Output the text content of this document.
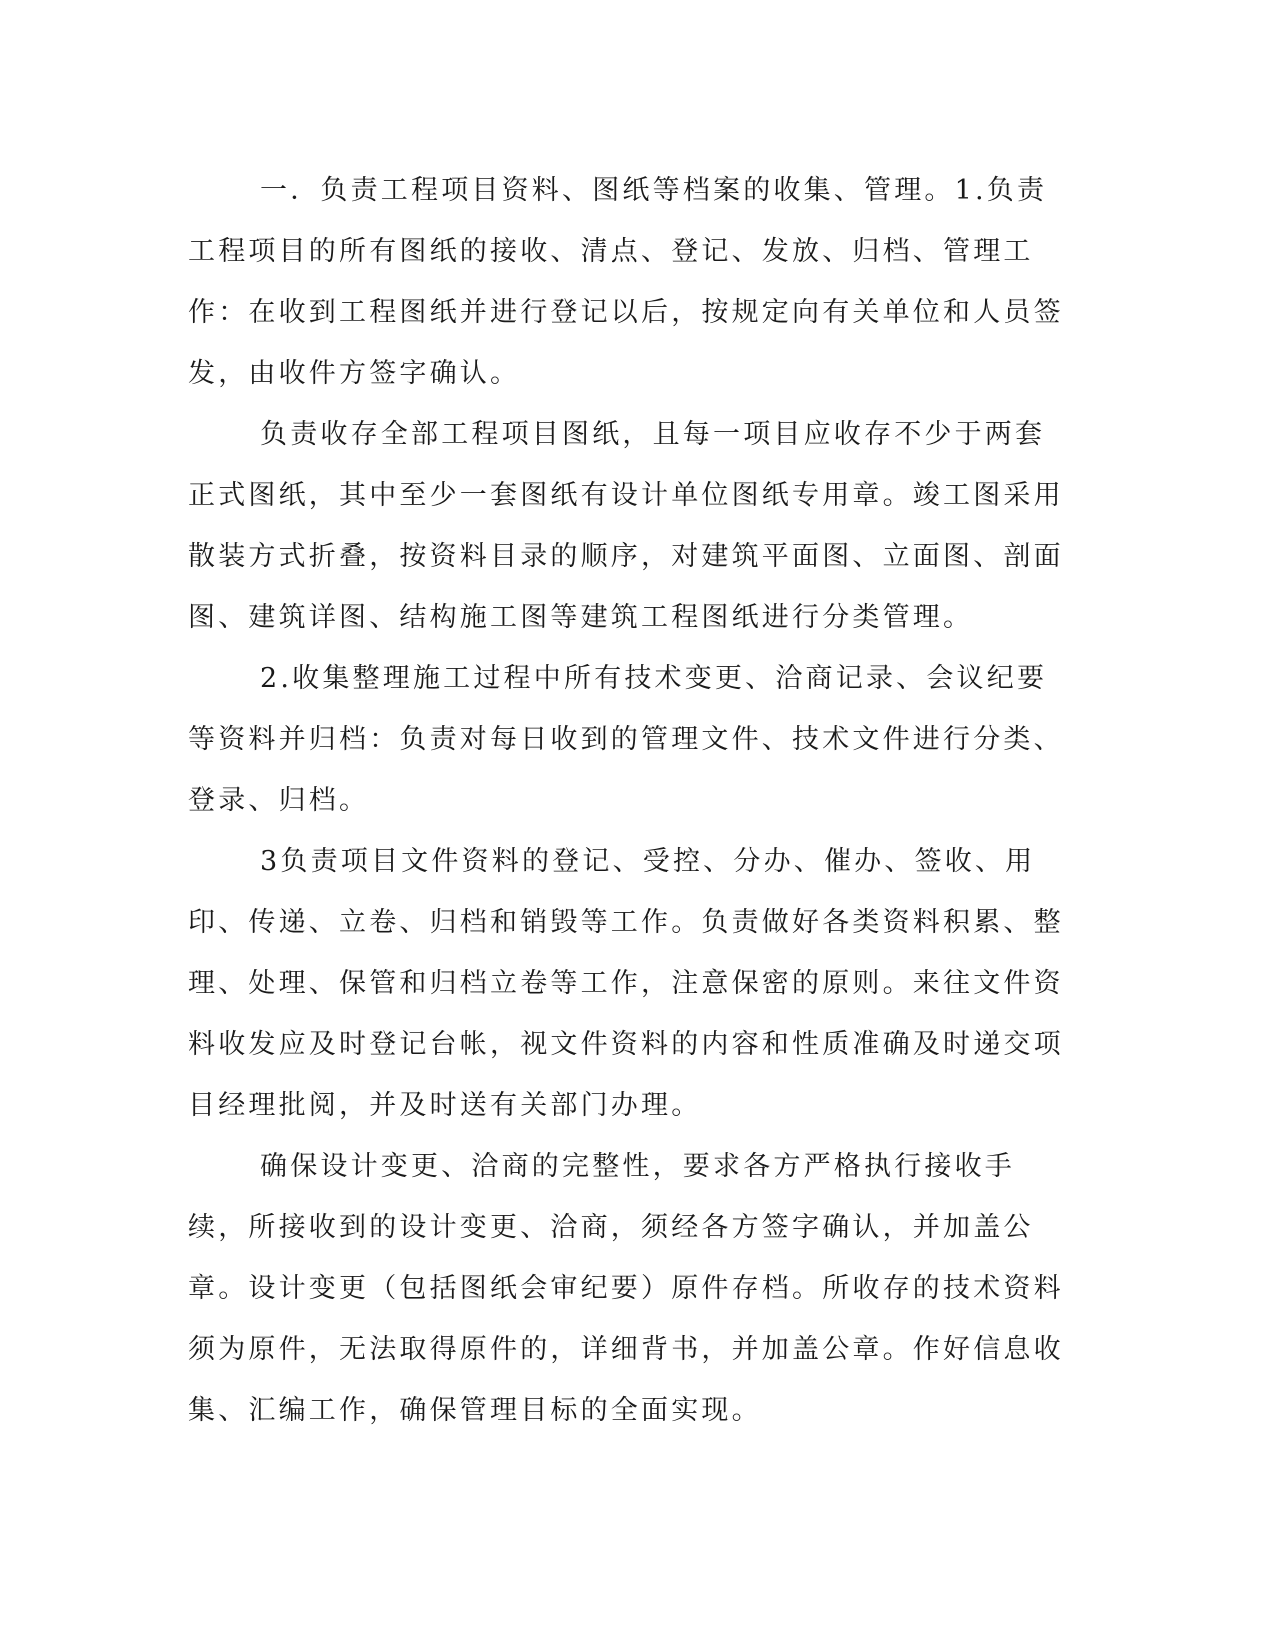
一．负责工程项目资料、图纸等档案的收集、管理。1.负责工程项目的所有图纸的接收、清点、登记、发放、归档、管理工作：在收到工程图纸并进行登记以后，按规定向有关单位和人员签发，由收件方签字确认。

负责收存全部工程项目图纸，且每一项目应收存不少于两套正式图纸，其中至少一套图纸有设计单位图纸专用章。竣工图采用散装方式折叠，按资料目录的顺序，对建筑平面图、立面图、剖面图、建筑详图、结构施工图等建筑工程图纸进行分类管理。

2.收集整理施工过程中所有技术变更、洽商记录、会议纪要等资料并归档：负责对每日收到的管理文件、技术文件进行分类、登录、归档。

3负责项目文件资料的登记、受控、分办、催办、签收、用印、传递、立卷、归档和销毁等工作。负责做好各类资料积累、整理、处理、保管和归档立卷等工作，注意保密的原则。来往文件资料收发应及时登记台帐，视文件资料的内容和性质准确及时递交项目经理批阅，并及时送有关部门办理。

确保设计变更、洽商的完整性，要求各方严格执行接收手续，所接收到的设计变更、洽商，须经各方签字确认，并加盖公章。设计变更（包括图纸会审纪要）原件存档。所收存的技术资料须为原件，无法取得原件的，详细背书，并加盖公章。作好信息收集、汇编工作，确保管理目标的全面实现。
